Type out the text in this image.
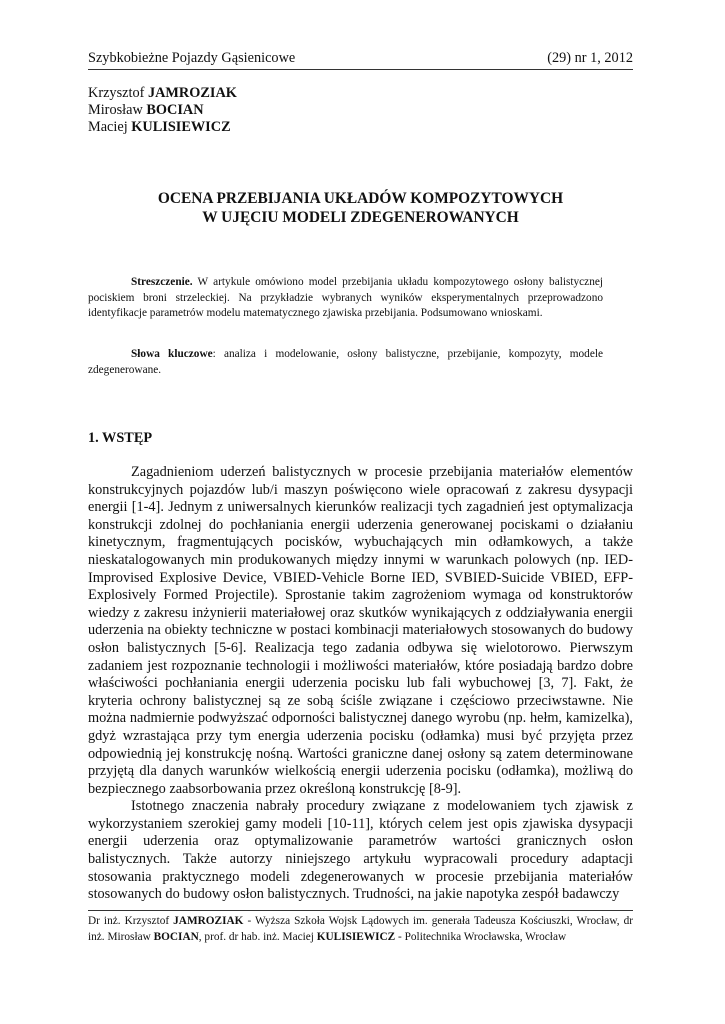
Szybkobieżne Pojazdy Gąsienicowe	(29) nr 1, 2012
Krzysztof JAMROZIAK
Mirosław BOCIAN
Maciej KULISIEWICZ
OCENA PRZEBIJANIA UKŁADÓW KOMPOZYTOWYCH
W UJĘCIU MODELI ZDEGENEROWANYCH

Streszczenie. W artykule omówiono model przebijania układu kompozytowego osłony balistycznej pociskiem broni strzeleckiej. Na przykładzie wybranych wyników eksperymentalnych przeprowadzono identyfikacje parametrów modelu matematycznego zjawiska przebijania. Podsumowano wnioskami.

Słowa kluczowe: analiza i modelowanie, osłony balistyczne, przebijanie, kompozyty, modele zdegenerowane.

1. WSTĘP

Zagadnieniom uderzeń balistycznych w procesie przebijania materiałów elementów konstrukcyjnych pojazdów lub/i maszyn poświęcono wiele opracowań z zakresu dysypacji energii [1-4]. Jednym z uniwersalnych kierunków realizacji tych zagadnień jest optymalizacja konstrukcji zdolnej do pochłaniania energii uderzenia generowanej pociskami o działaniu kinetycznym, fragmentujących pocisków, wybuchających min odłamkowych, a także nieskatalogowanych min produkowanych między innymi w warunkach polowych (np. IED-Improvised Explosive Device, VBIED-Vehicle Borne IED, SVBIED-Suicide VBIED, EFP-Explosively Formed Projectile). Sprostanie takim zagrożeniom wymaga od konstruktorów wiedzy z zakresu inżynierii materiałowej oraz skutków wynikających z oddziaływania energii uderzenia na obiekty techniczne w postaci kombinacji materiałowych stosowanych do budowy osłon balistycznych [5-6]. Realizacja tego zadania odbywa się wielotorowo. Pierwszym zadaniem jest rozpoznanie technologii i możliwości materiałów, które posiadają bardzo dobre właściwości pochłaniania energii uderzenia pocisku lub fali wybuchowej [3, 7]. Fakt, że kryteria ochrony balistycznej są ze sobą ściśle związane i częściowo przeciwstawne. Nie można nadmiernie podwyższać odporności balistycznej danego wyrobu (np. hełm, kamizelka), gdyż wzrastająca przy tym energia uderzenia pocisku (odłamka) musi być przyjęta przez odpowiednią jej konstrukcję nośną. Wartości graniczne danej osłony są zatem determinowane przyjętą dla danych warunków wielkością energii uderzenia pocisku (odłamka), możliwą do bezpiecznego zaabsorbowania przez określoną konstrukcję [8-9].

Istotnego znaczenia nabrały procedury związane z modelowaniem tych zjawisk z wykorzystaniem szerokiej gamy modeli [10-11], których celem jest opis zjawiska dysypacji energii uderzenia oraz optymalizowanie parametrów wartości granicznych osłon balistycznych. Także autorzy niniejszego artykułu wypracowali procedury adaptacji stosowania praktycznego modeli zdegenerowanych w procesie przebijania materiałów stosowanych do budowy osłon balistycznych. Trudności, na jakie napotyka zespół badawczy

Dr inż. Krzysztof JAMROZIAK - Wyższa Szkoła Wojsk Lądowych im. generała Tadeusza Kościuszki, Wrocław, dr inż. Mirosław BOCIAN, prof. dr hab. inż. Maciej KULISIEWICZ - Politechnika Wrocławska, Wrocław
